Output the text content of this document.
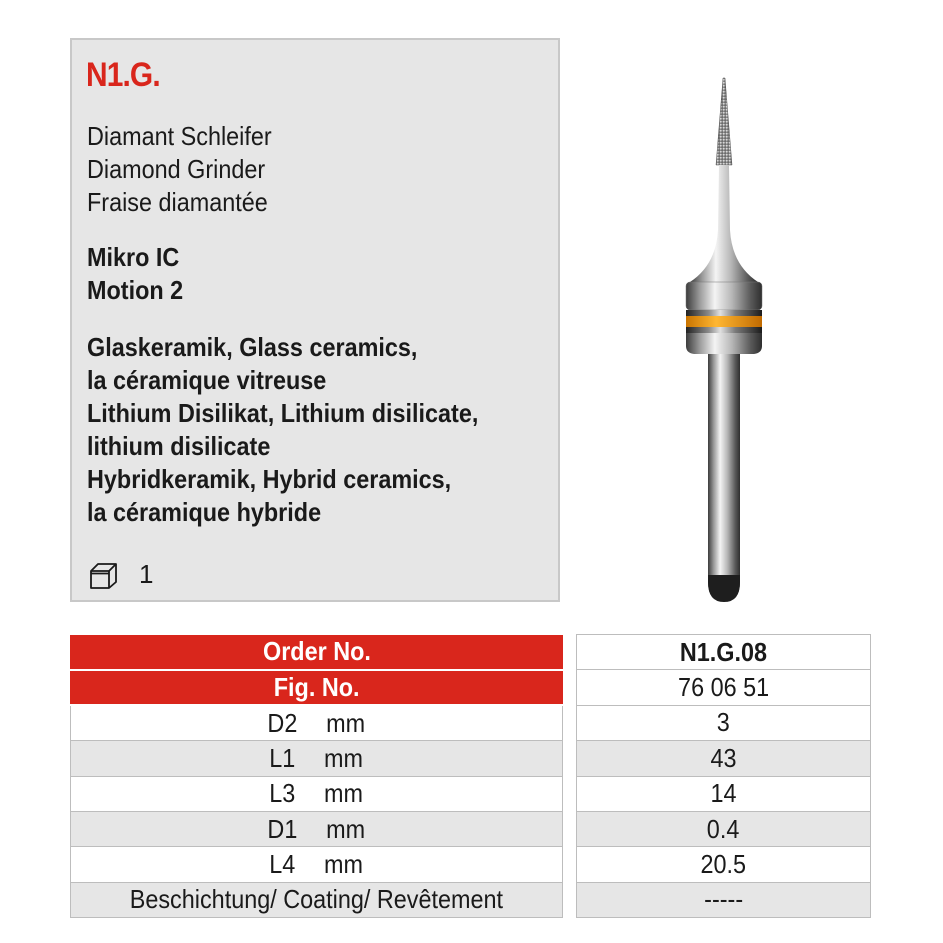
N1.G.
Diamant Schleifer
Diamond Grinder
Fraise diamantée
Mikro IC
Motion 2
Glaskeramik, Glass ceramics,
la céramique vitreuse
Lithium Disilikat, Lithium disilicate,
lithium disilicate
Hybridkeramik, Hybrid ceramics,
la céramique hybride
1
Order No.		N1.G.08
Fig. No.		76 06 51

D2 mm		3

L1 mm		43

L3 mm		14

D1 mm		0.4

L4 mm		20.5
Beschichtung/ Coating/ Revêtement		-----
